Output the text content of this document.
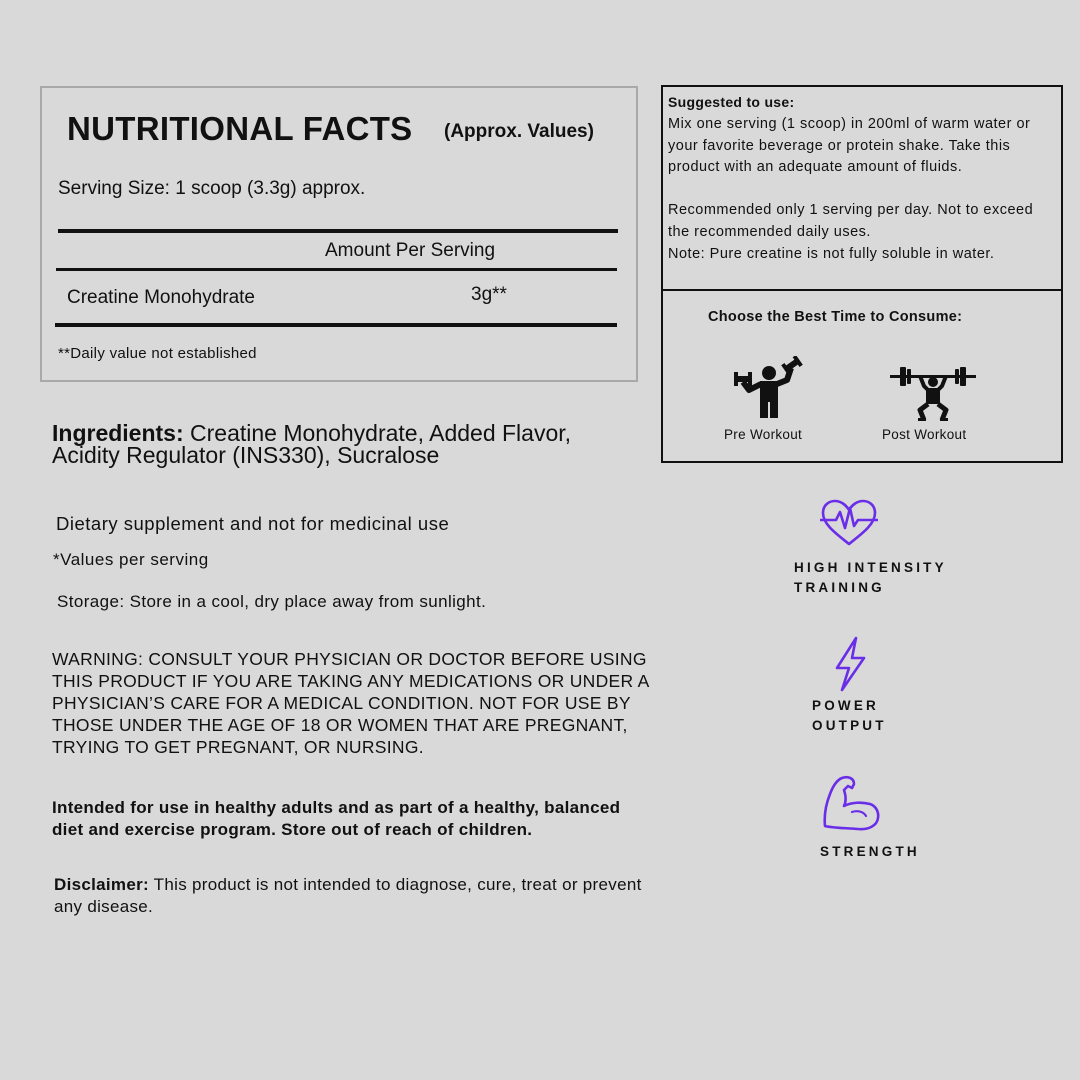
NUTRITIONAL FACTS (Approx. Values)
Serving Size: 1 scoop (3.3g) approx.
Amount Per Serving
Creatine Monohydrate	3g**
**Daily value not established
Ingredients: Creatine Monohydrate, Added Flavor, Acidity Regulator (INS330), Sucralose
Dietary supplement and not for medicinal use
*Values per serving
Storage: Store in a cool, dry place away from sunlight.
WARNING: CONSULT YOUR PHYSICIAN OR DOCTOR BEFORE USING THIS PRODUCT IF YOU ARE TAKING ANY MEDICATIONS OR UNDER A PHYSICIAN’S CARE FOR A MEDICAL CONDITION. NOT FOR USE BY THOSE UNDER THE AGE OF 18 OR WOMEN THAT ARE PREGNANT, TRYING TO GET PREGNANT, OR NURSING.
Intended for use in healthy adults and as part of a healthy, balanced diet and exercise program. Store out of reach of children.
Disclaimer: This product is not intended to diagnose, cure, treat or prevent any disease.
Suggested to use:

Mix one serving (1 scoop) in 200ml of warm water or your favorite beverage or protein shake. Take this product with an adequate amount of fluids.

Recommended only 1 serving per day. Not to exceed the recommended daily uses.

Note: Pure creatine is not fully soluble in water.

Choose the Best Time to Consume:
Pre Workout	Post Workout
HIGH INTENSITY
TRAINING
POWER
OUTPUT
STRENGTH
